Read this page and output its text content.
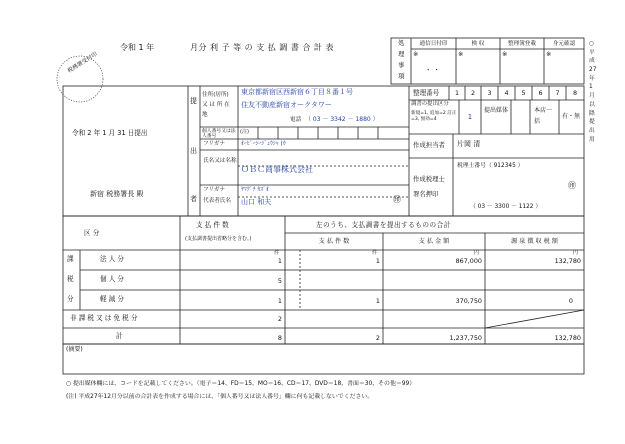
令和 1 年	月分 利 子 等 の 支 払 調 書 合 計 表
税務署受付印
令和 2 年 1 月 31 日提出
新宿 税務署長 殿
提
出
者
○ 平 成 27 年 1 月 以 降 提 出 用
処
理
事
項
通信日付印	検 収	整理簿登載	身元確認
※	※	※	※
・ ・
整理番号	1	2	3	4	5	6	7	8
住所(居所) 又 は 所 在 地
東京都新宿区西新宿６丁目８番１号
住友不動産新宿オークタワー
電話 （ 03 － 3342 － 1880 ）
個人番号又は法人番号
(注)
フリガナ	ｵｰﾋﾞｰｼｰｼﾞｭｳｼｬ (ｶ
氏名又は名称
ＯＢＣ商事株式会社
フリガナ	ﾔﾏｸﾞﾁ ｶｽﾞｵ
代表者氏名	山口 和夫	㊞
調書の提出区分
新規=1, 追加=2 訂正=3, 無効=4	1
提出媒体	本店一括
有・無
作成担当者 片岡 清
作成税理士署名押印
税理士番号（ 912345 ）
㊞
（ 03 － 3300 － 1122 ）
区 分
支 払 件 数
(支払調書提出省略分を含む。)
左のうち、支払調書を提出するものの合計
支 払 件 数	支 払 金 額	源 泉 徴 収 税 額
件	件	円	円
課
税
分
法 人 分	1	1	867,000	132,780
個 人 分	5
軽 減 分	1	1	370,750	0
非 課 税 又 は 免 税 分	2
計	8	2	1,237,750	132,780
(摘要)
○ 提出媒体欄には、コードを記載してください。（電子＝14、FD＝15、MO＝16、CD＝17、DVD＝18、書面＝30、その他＝99）
(注) 平成27年12月分以前の合計表を作成する場合には、「個人番号又は法人番号」欄に何も記載しないでください。
